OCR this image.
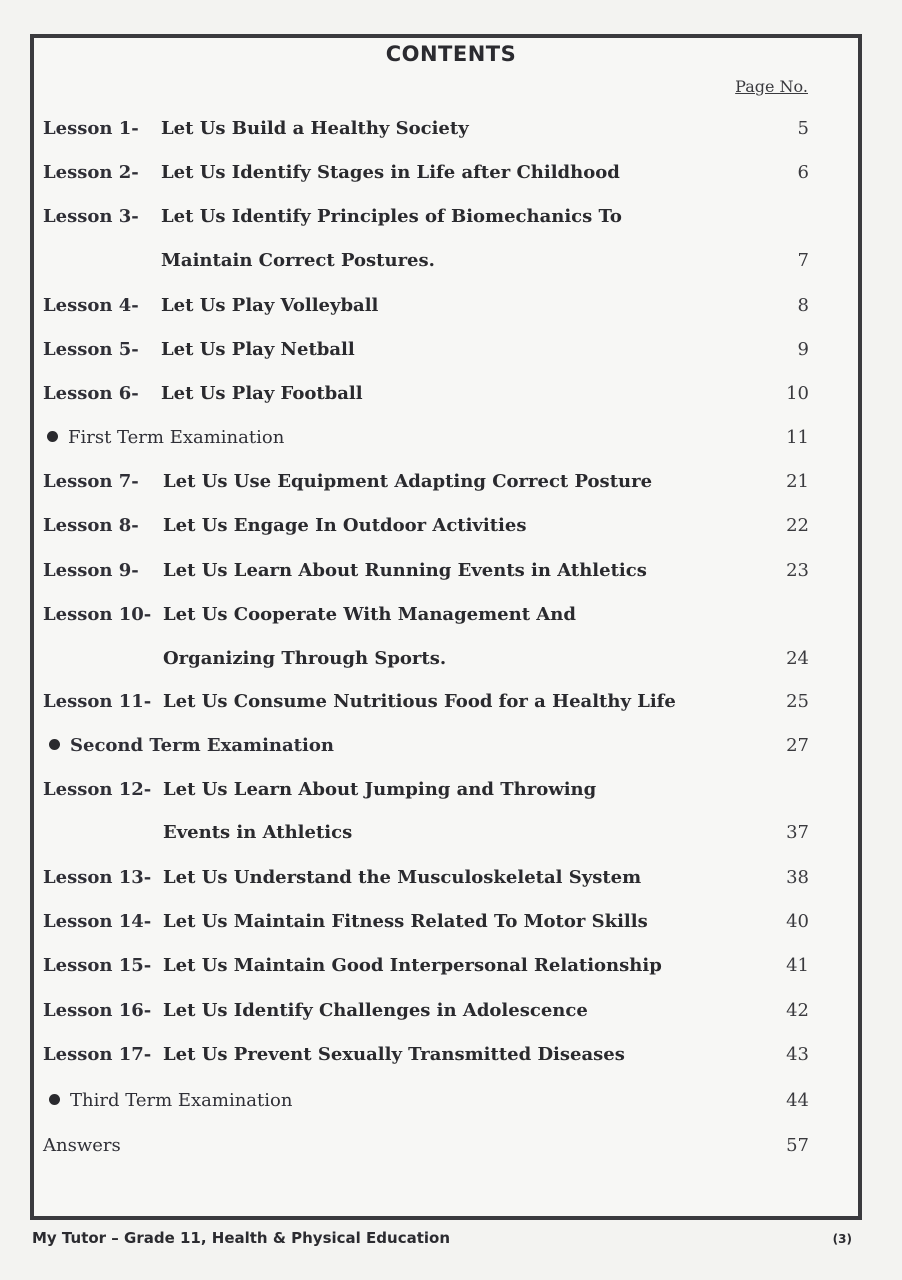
CONTENTS
Page No.
Lesson 1- Let Us Build a Healthy Society	5
Lesson 2- Let Us Identify Stages in Life after Childhood	6
Lesson 3- Let Us Identify Principles of Biomechanics To
Maintain Correct Postures.	7
Lesson 4- Let Us Play Volleyball	8
Lesson 5- Let Us Play Netball	9
Lesson 6- Let Us Play Football	10
First Term Examination	11
Lesson 7- Let Us Use Equipment Adapting Correct Posture	21
Lesson 8- Let Us Engage In Outdoor Activities	22
Lesson 9- Let Us Learn About Running Events in Athletics	23
Lesson 10- Let Us Cooperate With Management And
Organizing Through Sports.	24
Lesson 11- Let Us Consume Nutritious Food for a Healthy Life	25
Second Term Examination	27
Lesson 12- Let Us Learn About Jumping and Throwing
Events in Athletics	37
Lesson 13- Let Us Understand the Musculoskeletal System	38
Lesson 14- Let Us Maintain Fitness Related To Motor Skills	40
Lesson 15- Let Us Maintain Good Interpersonal Relationship	41
Lesson 16- Let Us Identify Challenges in Adolescence	42
Lesson 17- Let Us Prevent Sexually Transmitted Diseases	43
Third Term Examination	44
Answers	57
My Tutor – Grade 11, Health & Physical Education	(3)
